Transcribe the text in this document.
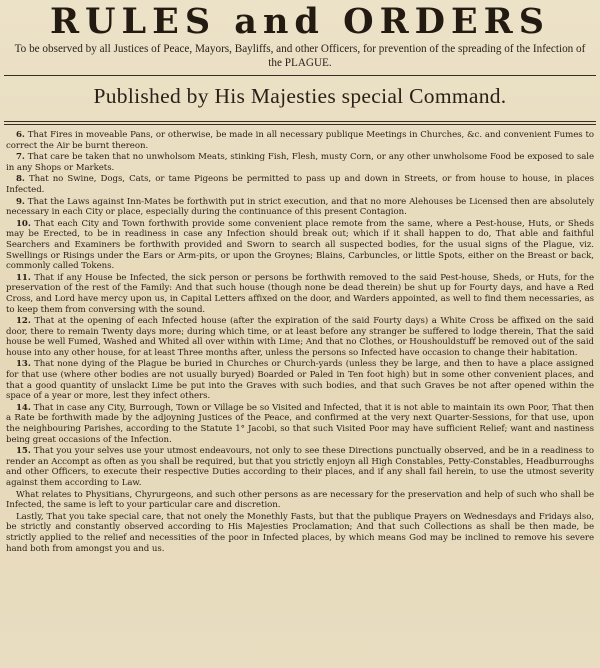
RULES and ORDERS
To be observed by all Justices of Peace, Mayors, Bayliffs, and other Officers, for prevention of the spreading of the Infection of the PLAGUE.
Published by His Majesties special Command.

6. That Fires in moveable Pans, or otherwise, be made in all necessary publique Meetings in Churches, &c. and convenient Fumes to correct the Air be burnt thereon.

7. That care be taken that no unwholsom Meats, stinking Fish, Flesh, musty Corn, or any other unwholsome Food be exposed to sale in any Shops or Markets.

8. That no Swine, Dogs, Cats, or tame Pigeons be permitted to pass up and down in Streets, or from house to house, in places Infected.

9. That the Laws against Inn-Mates be forthwith put in strict execution, and that no more Alehouses be Licensed then are absolutely necessary in each City or place, especially during the continuance of this present Contagion.

10. That each City and Town forthwith provide some convenient place remote from the same, where a Pest-house, Huts, or Sheds may be Erected, to be in readiness in case any Infection should break out; which if it shall happen to do, That able and faithful Searchers and Examiners be forthwith provided and Sworn to search all suspected bodies, for the usual signs of the Plague, viz. Swellings or Risings under the Ears or Arm-pits, or upon the Groynes; Blains, Carbuncles, or little Spots, either on the Breast or back, commonly called Tokens.

11. That if any House be Infected, the sick person or persons be forthwith removed to the said Pest-house, Sheds, or Huts, for the preservation of the rest of the Family: And that such house (though none be dead therein) be shut up for Fourty days, and have a Red Cross, and Lord have mercy upon us, in Capital Letters affixed on the door, and Warders appointed, as well to find them necessaries, as to keep them from conversing with the sound.

12. That at the opening of each Infected house (after the expiration of the said Fourty days) a White Cross be affixed on the said door, there to remain Twenty days more; during which time, or at least before any stranger be suffered to lodge therein, That the said house be well Fumed, Washed and Whited all over within with Lime; And that no Clothes, or Houshouldstuff be removed out of the said house into any other house, for at least Three months after, unless the persons so Infected have occasion to change their habitation.

13. That none dying of the Plague be buried in Churches or Church-yards (unless they be large, and then to have a place assigned for that use (where other bodies are not usually buryed) Boarded or Paled in Ten foot high) but in some other convenient places, and that a good quantity of unslackt Lime be put into the Graves with such bodies, and that such Graves be not after opened within the space of a year or more, lest they infect others.

14. That in case any City, Burrough, Town or Village be so Visited and Infected, that it is not able to maintain its own Poor, That then a Rate be forthwith made by the adjoyning Justices of the Peace, and confirmed at the very next Quarter-Sessions, for that use, upon the neighbouring Parishes, according to the Statute 1° Jacobi, so that such Visited Poor may have sufficient Relief; want and nastiness being great occasions of the Infection.

15. That you your selves use your utmost endeavours, not only to see these Directions punctually observed, and be in a readiness to render an Accompt as often as you shall be required, but that you strictly enjoyn all High Constables, Petty-Constables, Headburroughs and other Officers, to execute their respective Duties according to their places, and if any shall fail herein, to use the utmost severity against them according to Law.

What relates to Physitians, Chyrurgeons, and such other persons as are necessary for the preservation and help of such who shall be Infected, the same is left to your particular care and discretion.

Lastly, That you take special care, that not onely the Monethly Fasts, but that the publique Prayers on Wednesdays and Fridays also, be strictly and constantly observed according to His Majesties Proclamation; And that such Collections as shall be then made, be strictly applied to the relief and necessities of the poor in Infected places, by which means God may be inclined to remove his severe hand both from amongst you and us.
